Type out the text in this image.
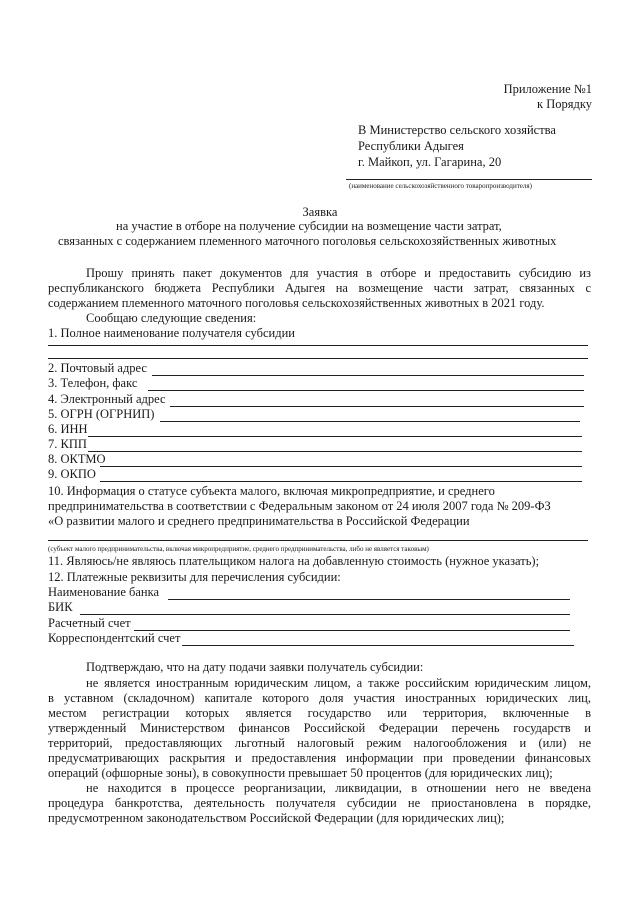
Приложение №1
к Порядку
В Министерство сельского хозяйства
Республики Адыгея
г. Майкоп, ул. Гагарина, 20
(наименование сельскохозяйственного товаропроизводителя)
Заявка
на участие в отборе на получение субсидии на возмещение части затрат,
связанных с содержанием племенного маточного поголовья сельскохозяйственных животных
Прошу принять пакет документов для участия в отборе и предоставить субсидию из
республиканского бюджета Республики Адыгея на возмещение части затрат, связанных с
содержанием племенного маточного поголовья сельскохозяйственных животных в 2021 году.
Сообщаю следующие сведения:
1. Полное наименование получателя субсидии
2. Почтовый адрес
3. Телефон, факс
4. Электронный адрес
5. ОГРН (ОГРНИП)
6. ИНН
7. КПП
8. ОКТМО
9. ОКПО
10. Информация о статусе субъекта малого, включая микропредприятие, и среднего
предпринимательства в соответствии с Федеральным законом от 24 июля 2007 года № 209-ФЗ
«О развитии малого и среднего предпринимательства в Российской Федерации
(субъект малого предпринимательства, включая микропредприятие, среднего предпринимательства, либо не является таковым)
11. Являюсь/не являюсь плательщиком налога на добавленную стоимость (нужное указать);
12. Платежные реквизиты для перечисления субсидии:
Наименование банка
БИК
Расчетный счет
Корреспондентский счет
Подтверждаю, что на дату подачи заявки получатель субсидии:
не является иностранным юридическим лицом, а также российским юридическим лицом,
в уставном (складочном) капитале которого доля участия иностранных юридических лиц,
местом регистрации которых является государство или территория, включенные в
утвержденный Министерством финансов Российской Федерации перечень государств и
территорий, предоставляющих льготный налоговый режим налогообложения и (или) не
предусматривающих раскрытия и предоставления информации при проведении финансовых
операций (офшорные зоны), в совокупности превышает 50 процентов (для юридических лиц);
не находится в процессе реорганизации, ликвидации, в отношении него не введена
процедура банкротства, деятельность получателя субсидии не приостановлена в порядке,
предусмотренном законодательством Российской Федерации (для юридических лиц);
